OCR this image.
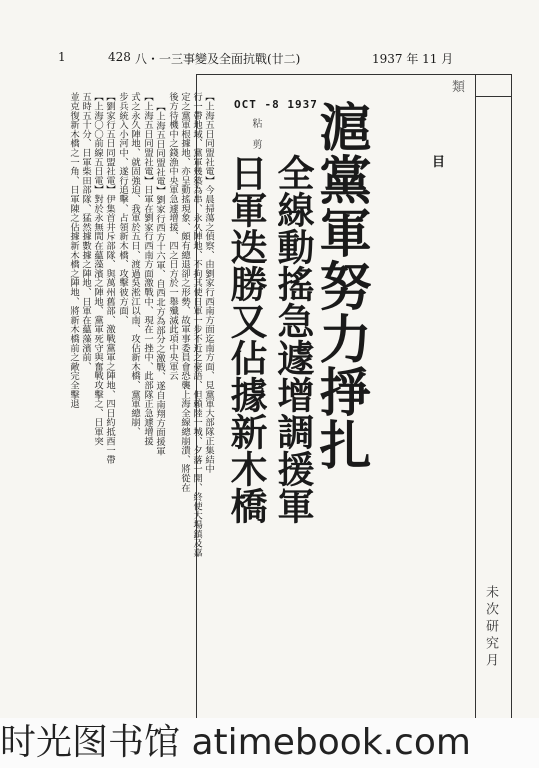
1	428 八・一三事變及全面抗戰(廿二)	1937 年 11 月
目
類
OCT -8 1937
粘 剪 滬黨軍努力掙扎
全線動搖急遽增調援軍
日軍迭勝又佔據新木橋
【上海五日同盟社電】今晨掃蕩之偵察、由劉家行西南方面迄南方面、見黨軍大部隊正集結中
行一帶地域、黨軍幾築為串、永久陣地、不拘其使日軍一步不近之豪語、但賴陸一城、夕落一開、終使大場鎮及嘉
定之黨軍根據地、亦呈動搖現象、頗有總退卻之形勢、故軍事委員會恐襲上海全線總崩潰、將從在
後方待機中之錢漁中央軍急遽增援、四之日方於一舉殲滅此項中央軍云
【上海五日同盟社電】劉家行西方十六軍、自西北方為部分之激戰、遂自南翔方面援軍
【上海五日同盟社電】日軍在劉家行西南方面激戰中、現在一挫中、此部隊正急遽增援
式之永久陣地、就固強迫、我軍於五日、渡過吳淞江以南、攻佔新木橋、黨軍總崩、
步兵統入小河中、遂行追擊、占領新木橋、攻擊彼方面、
【劉家行五日同盟社電】伊集首井斥部隊、與萬州舊部、激戰黨軍之陣地、四日約抵酉一帶
【上海〇〇前線五日電】對於永無間在蘊藻濱之陣地、黨軍死守與奮戰攻擊之、日軍突
五時五十分、日軍柴田部隊、猛然據數據之陣地、日軍在蘊藻濱前、
並克復新木橋之一角、日軍陳之佔據新木橋之陣地、將新木橋前之敵完全擊退
未次研究月
时光图书馆 atimebook.com
